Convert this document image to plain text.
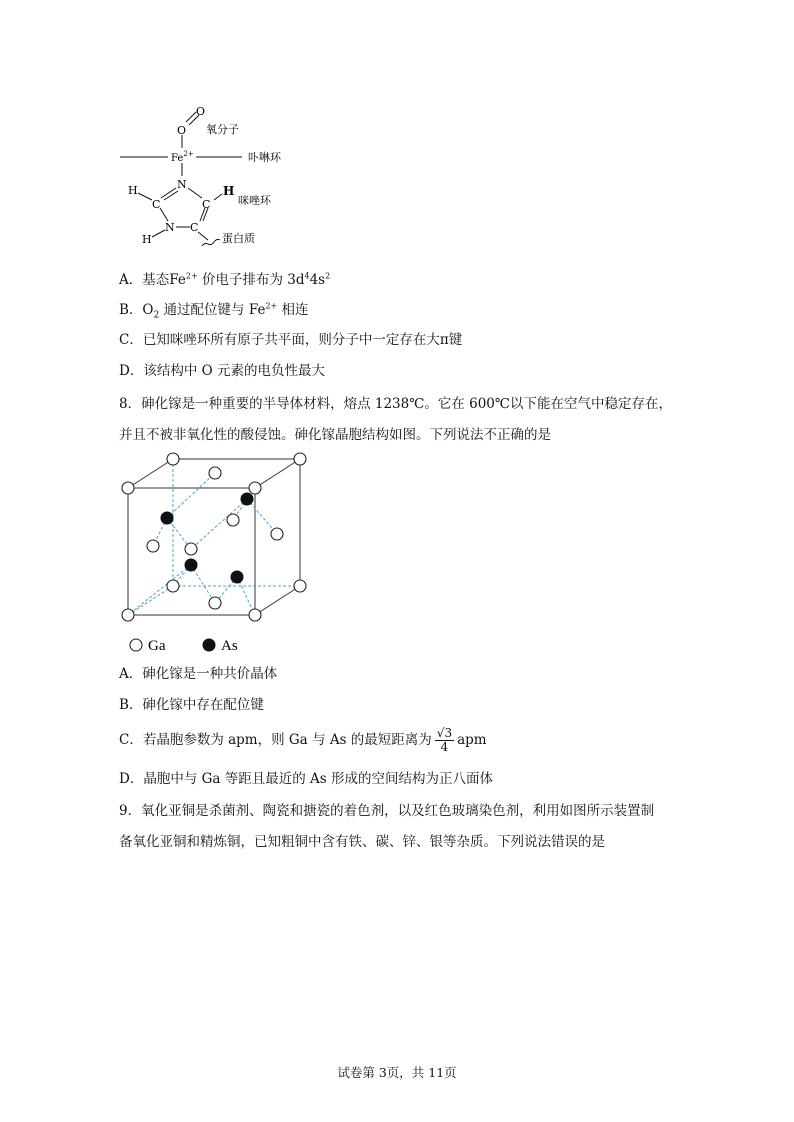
O
O
$Fe^{2+}$
N
C	C
N C
H	H
H
氧分子
卟啉环
咪唑环
蛋白质
A．基态$Fe^{2+}$ 价电子排布为 $3d^44s^2$
B．$O_2$ 通过配位键与 $Fe^{2+}$ 相连
C．已知咪唑环所有原子共平面，则分子中一定存在大π键
D．该结构中 O 元素的电负性最大
8．砷化镓是一种重要的半导体材料，熔点 1238℃。它在 600℃以下能在空气中稳定存在，
并且不被非氧化性的酸侵蚀。砷化镓晶胞结构如图。下列说法不正确的是
Ga	As
A．砷化镓是一种共价晶体
B．砷化镓中存在配位键
C．若晶胞参数为 apm，则 Ga 与 As 的最短距离为 $\frac{√3}{4}$ apm
D．晶胞中与 Ga 等距且最近的 As 形成的空间结构为正八面体
9．氧化亚铜是杀菌剂、陶瓷和搪瓷的着色剂，以及红色玻璃染色剂，利用如图所示装置制
备氧化亚铜和精炼铜，已知粗铜中含有铁、碳、锌、银等杂质。下列说法错误的是
试卷第 3页，共 11页
